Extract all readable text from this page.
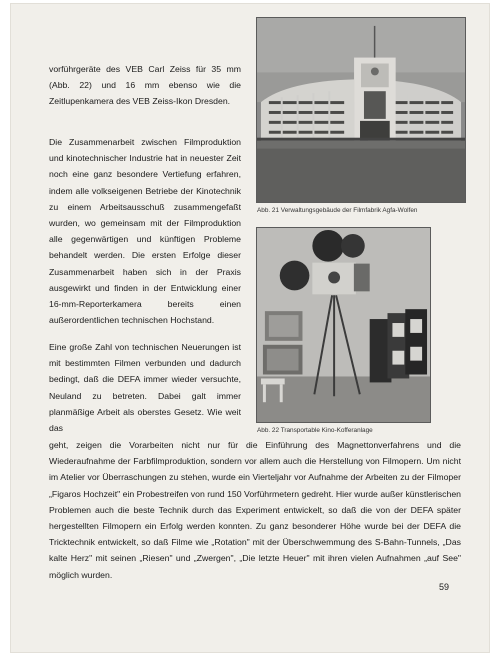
vorführgeräte des VEB Carl Zeiss für 35 mm (Abb. 22) und 16 mm ebenso wie die Zeitlupenkamera des VEB Zeiss-Ikon Dresden.

Die Zusammenarbeit zwischen Filmproduktion und kinotechnischer Industrie hat in neuester Zeit noch eine ganz besondere Vertiefung erfahren, indem alle volkseigenen Betriebe der Kinotechnik zu einem Arbeitsausschuß zusammengefaßt wurden, wo gemeinsam mit der Filmproduktion alle gegenwärtigen und künftigen Probleme behandelt werden. Die ersten Erfolge dieser Zusammenarbeit haben sich in der Praxis ausgewirkt und finden in der Entwicklung einer 16-mm-Reporterkamera bereits einen außerordentlichen technischen Hochstand.

Eine große Zahl von technischen Neuerungen ist mit bestimmten Filmen verbunden und dadurch bedingt, daß die DEFA immer wieder versuchte, Neuland zu betreten. Dabei galt immer planmäßige Arbeit als oberstes Gesetz. Wie weit das

geht, zeigen die Vorarbeiten nicht nur für die Einführung des Magnettonverfahrens und die Wiederaufnahme der Farbfilmproduktion, sondern vor allem auch die Herstellung von Filmopern. Um nicht im Atelier vor Überraschungen zu stehen, wurde ein Vierteljahr vor Aufnahme der Arbeiten zu der Filmoper „Figaros Hochzeit" ein Probestreifen von rund 150 Vorführmetern gedreht. Hier wurde außer künstlerischen Problemen auch die beste Technik durch das Experiment entwickelt, so daß die von der DEFA später hergestellten Filmopern ein Erfolg werden konnten. Zu ganz besonderer Höhe wurde bei der DEFA die Tricktechnik entwickelt, so daß Filme wie „Rotation" mit der Überschwemmung des S-Bahn-Tunnels, „Das kalte Herz" mit seinen „Riesen" und „Zwergen", „Die letzte Heuer" mit ihren vielen Aufnahmen „auf See" möglich wurden.

Abb. 21 Verwaltungsgebäude der Filmfabrik Agfa-Wolfen
Abb. 22 Transportable Kino-Kofferanlage
59
